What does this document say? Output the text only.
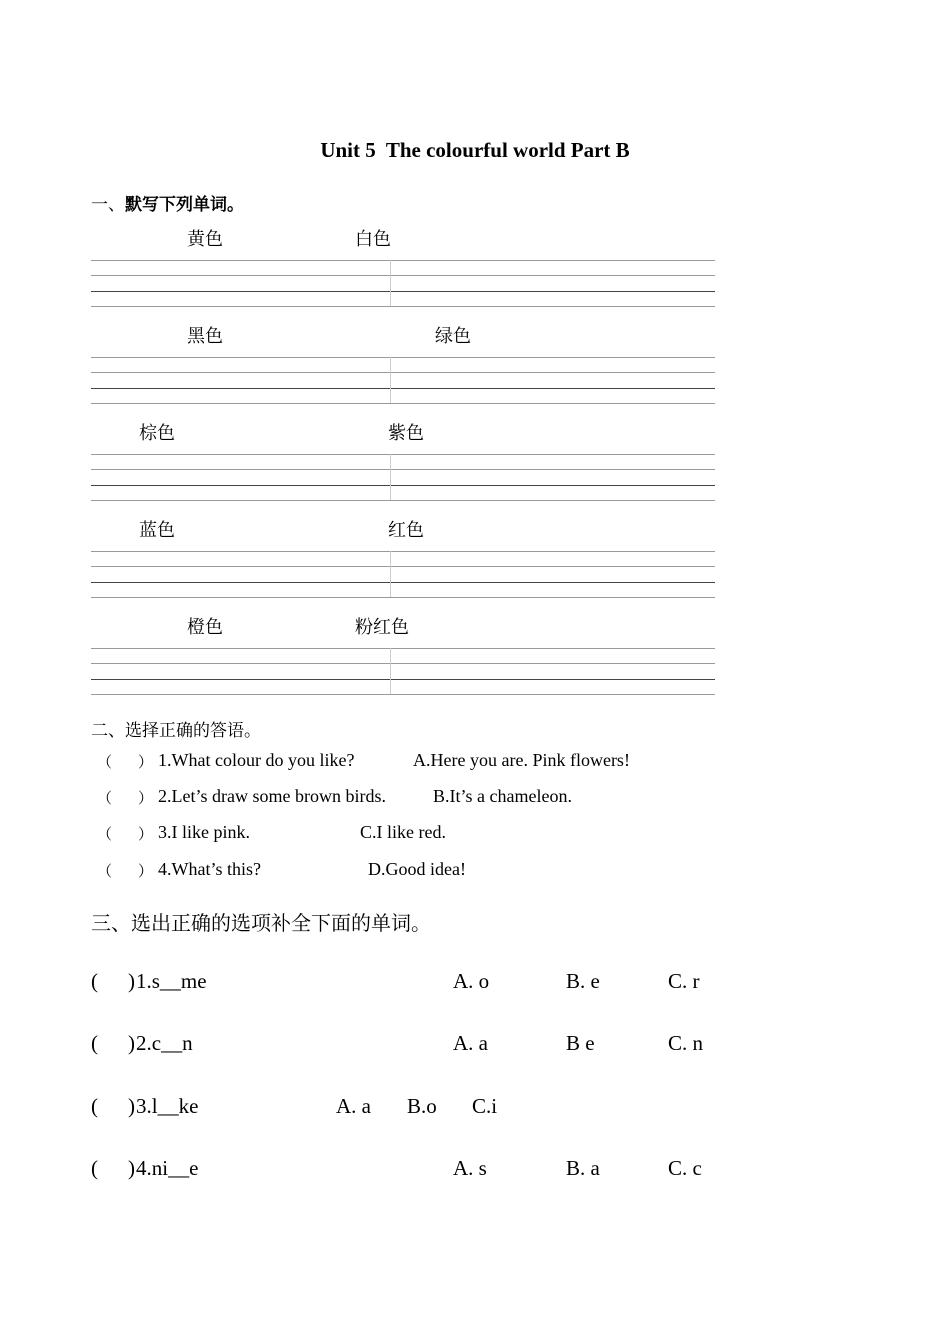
Unit 5  The colourful world Part B
一、默写下列单词。
黄色	白色
黑色	绿色
棕色	紫色
蓝色	红色
橙色	粉红色
二、选择正确的答语。
（ ） 1.What colour do you like?	A.Here you are. Pink flowers!
（ ） 2.Let’s draw some brown birds.	B.It’s a chameleon.
（ ） 3.I like pink.	C.I like red.
（ ） 4.What’s this?	D.Good idea!
三、选出正确的选项补全下面的单词。
( ) 1.s__me	A. o	B. e	C. r
( ) 2.c__n	A. a	B e	C. n
( ) 3.l__ke	A. a B.o C.i
( ) 4.ni__e	A. s	B. a	C. c
